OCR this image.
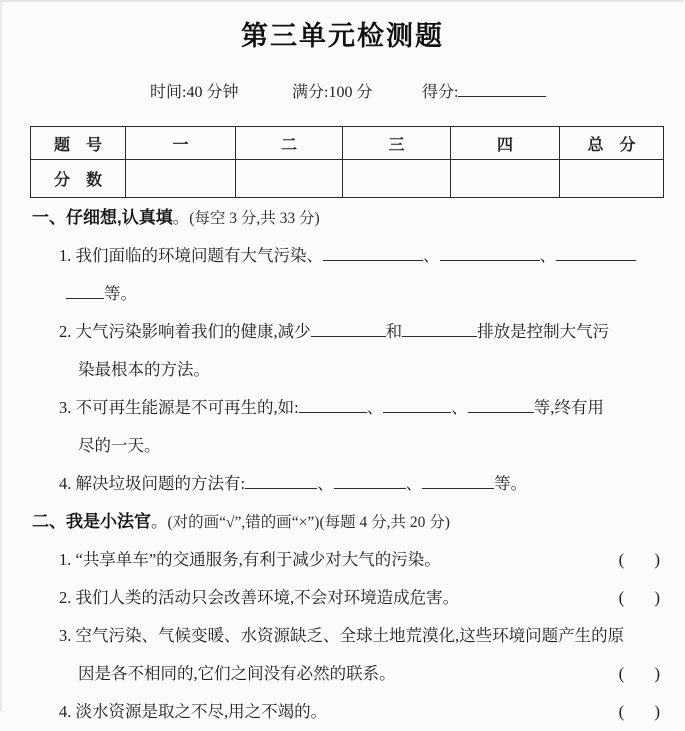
第三单元检测题
时间:40 分钟	满分:100 分	得分:
题　号	一	二	三	四	总　分
分　数					
一、仔细想,认真填。(每空 3 分,共 33 分)
1. 我们面临的环境问题有大气污染、	、	、
等。
2. 大气污染影响着我们的健康,减少	和	排放是控制大气污
染最根本的方法。
3. 不可再生能源是不可再生的,如:	、	、	等,终有用
尽的一天。
4. 解决垃圾问题的方法有:	、	、	等。
二、我是小法官。(对的画“√”,错的画“×”)(每题 4 分,共 20 分)
1. “共享单车”的交通服务,有利于减少对大气的污染。	( )
2. 我们人类的活动只会改善环境,不会对环境造成危害。	( )
3. 空气污染、气候变暖、水资源缺乏、全球土地荒漠化,这些环境问题产生的原
因是各不相同的,它们之间没有必然的联系。	( )
4. 淡水资源是取之不尽,用之不竭的。	( )
